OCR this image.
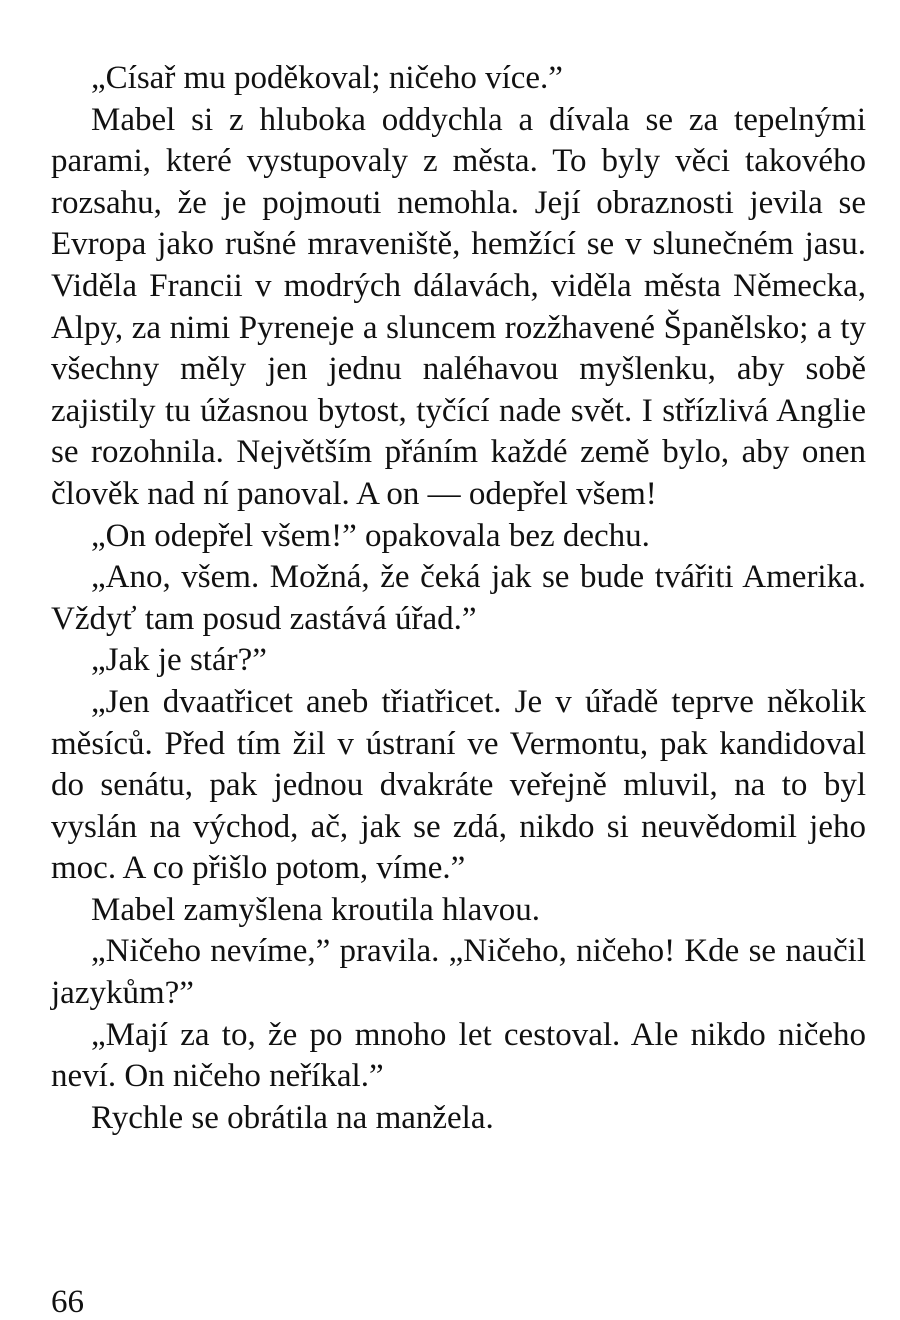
„Císař mu poděkoval; ničeho více.”

Mabel si z hluboka oddychla a dívala se za tepelnými parami, které vystupovaly z města. To byly věci takového rozsahu, že je pojmouti nemohla. Její obraznosti jevila se Evropa jako rušné mraveniště, hemžící se v slunečném jasu. Viděla Francii v modrých dálavách, viděla města Německa, Alpy, za nimi Pyreneje a sluncem rozžhavené Španělsko; a ty všechny měly jen jednu naléhavou myšlenku, aby sobě zajistily tu úžasnou bytost, tyčící nade svět. I střízlivá Anglie se rozohnila. Největším přáním každé země bylo, aby onen člověk nad ní panoval. A on — odepřel všem!

„On odepřel všem!” opakovala bez dechu.

„Ano, všem. Možná, že čeká jak se bude tvářiti Amerika. Vždyť tam posud zastává úřad.”

„Jak je stár?”

„Jen dvaatřicet aneb třiatřicet. Je v úřadě teprve několik měsíců. Před tím žil v ústraní ve Vermontu, pak kandidoval do senátu, pak jednou dvakráte veřejně mluvil, na to byl vyslán na východ, ač, jak se zdá, nikdo si neuvědomil jeho moc. A co přišlo potom, víme.”

Mabel zamyšlena kroutila hlavou.

„Ničeho nevíme,” pravila. „Ničeho, ničeho! Kde se naučil jazykům?”

„Mají za to, že po mnoho let cestoval. Ale nikdo ničeho neví. On ničeho neříkal.”

Rychle se obrátila na manžela.

66
